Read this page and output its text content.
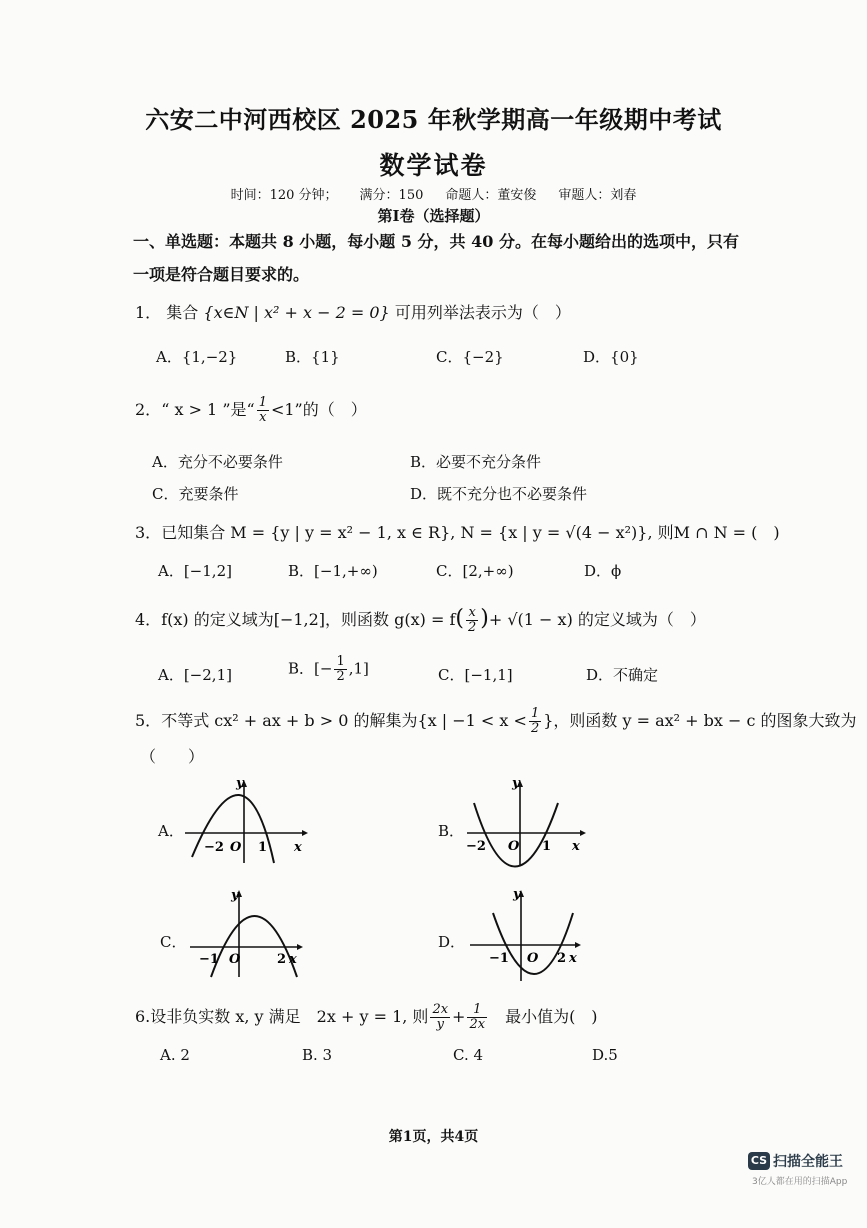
六安二中河西校区 2025 年秋学期高一年级期中考试
数学试卷
时间：120 分钟； 满分：150 命题人：董安俊 审题人：刘春
第Ⅰ卷（选择题）
一、单选题：本题共 8 小题，每小题 5 分，共 40 分。在每小题给出的选项中，只有
一项是符合题目要求的。
1． 集合 {x∈N | x² + x − 2 = 0} 可用列举法表示为（　）
A．{1,−2}	B．{1}	C．{−2}	D．{0}
2．“ x > 1 ”是“ $\frac{1}{x} <1$”的（　）
A．充分不必要条件	B．必要不充分条件
C．充要条件	D．既不充分也不必要条件
3．已知集合 M = {y | y = x² − 1, x ∈ R}, N = {x | y = √(4 − x²)}, 则M ∩ N = (　)
A．[−1,2]	B．[−1,+∞)	C．[2,+∞)	D．ϕ
4．f(x) 的定义域为[−1,2]，则函数 $g(x) = f( \frac{x}{2}$ )+ √(1 − x) 的定义域为（　）
A．[−2,1]	B．[− $\frac{1}{2} ,1$]	C．[−1,1]	D．不确定
5．不等式 cx² + ax + b > 0 的解集为{x | $-1 < x < \frac{1}{2}$ }，则函数 y = ax² + bx − c 的图象大致为
（　　）
A．	B．
C．	D．
y
x
−2 O 1
y
x
−2 O 1
y
x
−1 O	2
y
x
−1 O 2
6.设非负实数 x, y 满足　2x + y = 1, 则 $\frac{2x}{y} + \frac{1}{2x}$ 　最小值为(　)
A. 2	B. 3	C. 4	D.5
第1页，共4页
CS 扫描全能王
3亿人都在用的扫描App
